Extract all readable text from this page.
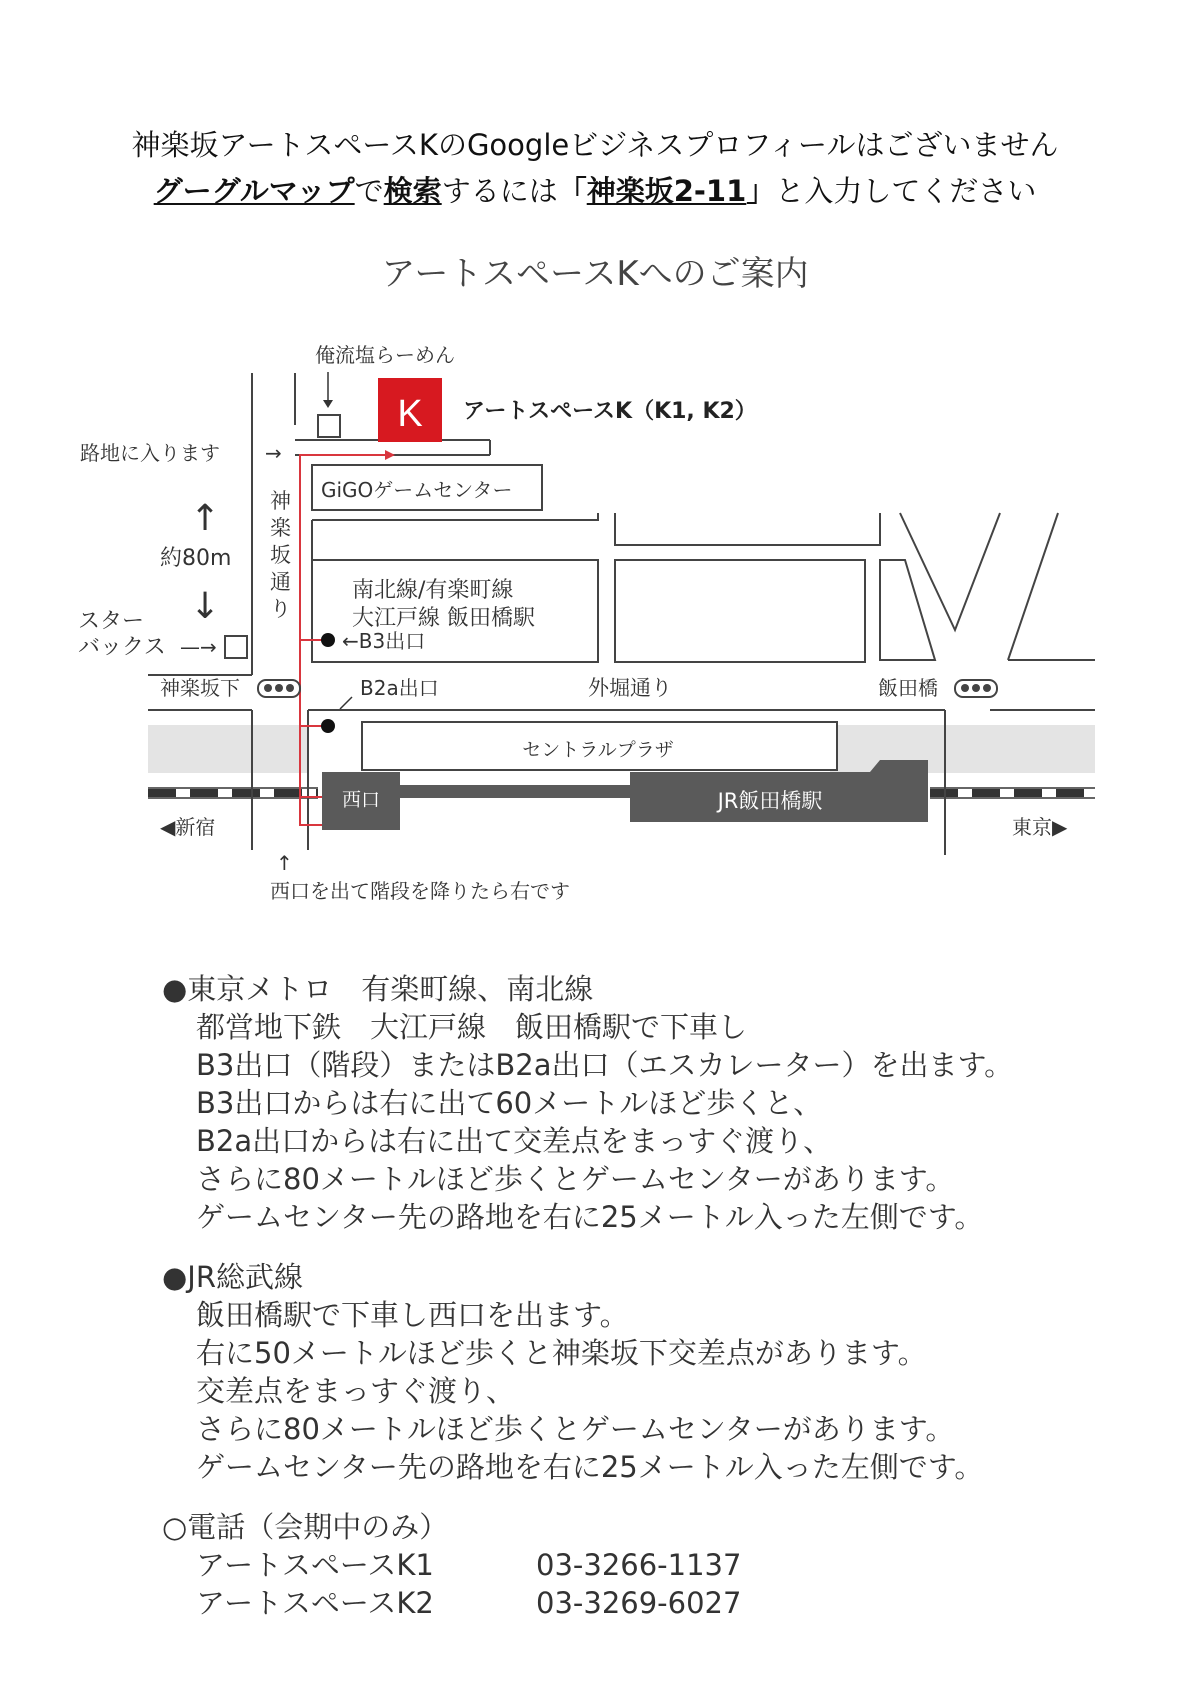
神楽坂アートスペースKのGoogleビジネスプロフィールはございません
グーグルマップで検索するには「神楽坂2-11」と入力してください
アートスペースKへのご案内
K
俺流塩らーめん
アートスペースK（K1, K2）
路地に入ります →
GiGOゲームセンター
神
楽
坂
通
り
↑
約80m
↓	南北線/有楽町線
大江戸線 飯田橋駅
←B3出口
スター
バックス —→
神楽坂下	B2a出口	外堀通り	飯田橋
セントラルプラザ
西口	JR飯田橋駅
◀新宿	東京▶
↑
西口を出て階段を降りたら右です
●東京メトロ　有楽町線、南北線
都営地下鉄　大江戸線　飯田橋駅で下車し
B3出口（階段）またはB2a出口（エスカレーター）を出ます。
B3出口からは右に出て60メートルほど歩くと、
B2a出口からは右に出て交差点をまっすぐ渡り、
さらに80メートルほど歩くとゲームセンターがあります。
ゲームセンター先の路地を右に25メートル入った左側です。
●JR総武線
飯田橋駅で下車し西口を出ます。
右に50メートルほど歩くと神楽坂下交差点があります。
交差点をまっすぐ渡り、
さらに80メートルほど歩くとゲームセンターがあります。
ゲームセンター先の路地を右に25メートル入った左側です。
○電話（会期中のみ）
アートスペースK1	03-3266-1137
アートスペースK2	03-3269-6027
